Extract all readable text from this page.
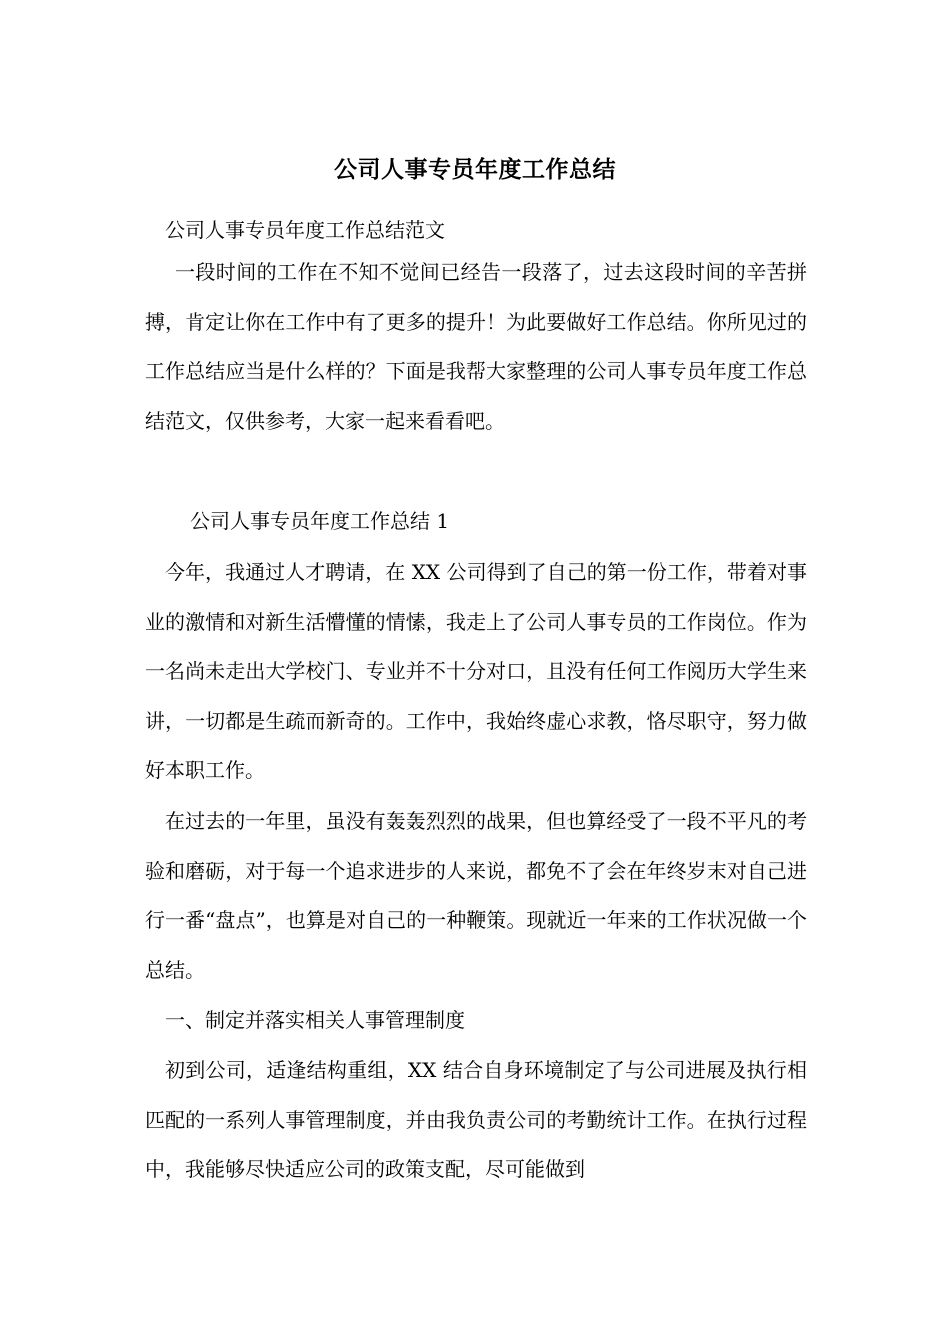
公司人事专员年度工作总结

公司人事专员年度工作总结范文

一段时间的工作在不知不觉间已经告一段落了，过去这段时间的辛苦拼搏，肯定让你在工作中有了更多的提升！为此要做好工作总结。你所见过的工作总结应当是什么样的？下面是我帮大家整理的公司人事专员年度工作总结范文，仅供参考，大家一起来看看吧。

公司人事专员年度工作总结 1

今年，我通过人才聘请，在 XX 公司得到了自己的第一份工作，带着对事业的激情和对新生活懵懂的情愫，我走上了公司人事专员的工作岗位。作为一名尚未走出大学校门、专业并不十分对口，且没有任何工作阅历大学生来讲，一切都是生疏而新奇的。工作中，我始终虚心求教，恪尽职守，努力做好本职工作。

在过去的一年里，虽没有轰轰烈烈的战果，但也算经受了一段不平凡的考验和磨砺，对于每一个追求进步的人来说，都免不了会在年终岁末对自己进行一番“盘点”，也算是对自己的一种鞭策。现就近一年来的工作状况做一个总结。

一、制定并落实相关人事管理制度

初到公司，适逢结构重组，XX 结合自身环境制定了与公司进展及执行相匹配的一系列人事管理制度，并由我负责公司的考勤统计工作。在执行过程中，我能够尽快适应公司的政策支配，尽可能做到
